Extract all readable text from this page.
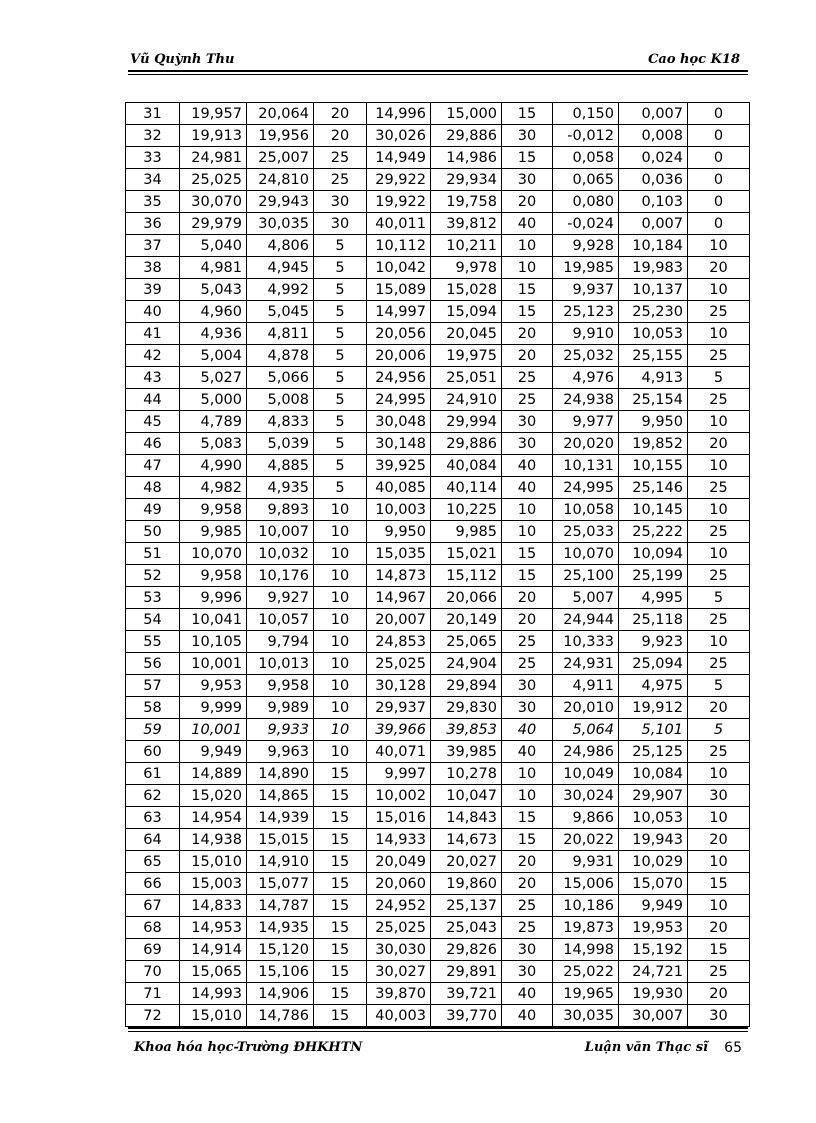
Vũ Quỳnh Thu	Cao học K18
31	19,957	20,064	20	14,996	15,000	15	0,150	0,007	0
32	19,913	19,956	20	30,026	29,886	30	-0,012	0,008	0
33	24,981	25,007	25	14,949	14,986	15	0,058	0,024	0
34	25,025	24,810	25	29,922	29,934	30	0,065	0,036	0
35	30,070	29,943	30	19,922	19,758	20	0,080	0,103	0
36	29,979	30,035	30	40,011	39,812	40	-0,024	0,007	0
37	5,040	4,806	5	10,112	10,211	10	9,928	10,184	10
38	4,981	4,945	5	10,042	9,978	10	19,985	19,983	20
39	5,043	4,992	5	15,089	15,028	15	9,937	10,137	10
40	4,960	5,045	5	14,997	15,094	15	25,123	25,230	25
41	4,936	4,811	5	20,056	20,045	20	9,910	10,053	10
42	5,004	4,878	5	20,006	19,975	20	25,032	25,155	25
43	5,027	5,066	5	24,956	25,051	25	4,976	4,913	5
44	5,000	5,008	5	24,995	24,910	25	24,938	25,154	25
45	4,789	4,833	5	30,048	29,994	30	9,977	9,950	10
46	5,083	5,039	5	30,148	29,886	30	20,020	19,852	20
47	4,990	4,885	5	39,925	40,084	40	10,131	10,155	10
48	4,982	4,935	5	40,085	40,114	40	24,995	25,146	25
49	9,958	9,893	10	10,003	10,225	10	10,058	10,145	10
50	9,985	10,007	10	9,950	9,985	10	25,033	25,222	25
51	10,070	10,032	10	15,035	15,021	15	10,070	10,094	10
52	9,958	10,176	10	14,873	15,112	15	25,100	25,199	25
53	9,996	9,927	10	14,967	20,066	20	5,007	4,995	5
54	10,041	10,057	10	20,007	20,149	20	24,944	25,118	25
55	10,105	9,794	10	24,853	25,065	25	10,333	9,923	10
56	10,001	10,013	10	25,025	24,904	25	24,931	25,094	25
57	9,953	9,958	10	30,128	29,894	30	4,911	4,975	5
58	9,999	9,989	10	29,937	29,830	30	20,010	19,912	20
59	10,001	9,933	10	39,966	39,853	40	5,064	5,101	5
60	9,949	9,963	10	40,071	39,985	40	24,986	25,125	25
61	14,889	14,890	15	9,997	10,278	10	10,049	10,084	10
62	15,020	14,865	15	10,002	10,047	10	30,024	29,907	30
63	14,954	14,939	15	15,016	14,843	15	9,866	10,053	10
64	14,938	15,015	15	14,933	14,673	15	20,022	19,943	20
65	15,010	14,910	15	20,049	20,027	20	9,931	10,029	10
66	15,003	15,077	15	20,060	19,860	20	15,006	15,070	15
67	14,833	14,787	15	24,952	25,137	25	10,186	9,949	10
68	14,953	14,935	15	25,025	25,043	25	19,873	19,953	20
69	14,914	15,120	15	30,030	29,826	30	14,998	15,192	15
70	15,065	15,106	15	30,027	29,891	30	25,022	24,721	25
71	14,993	14,906	15	39,870	39,721	40	19,965	19,930	20
72	15,010	14,786	15	40,003	39,770	40	30,035	30,007	30
Khoa hóa học-Trường ĐHKHTN	Luận văn Thạc sĩ 65
